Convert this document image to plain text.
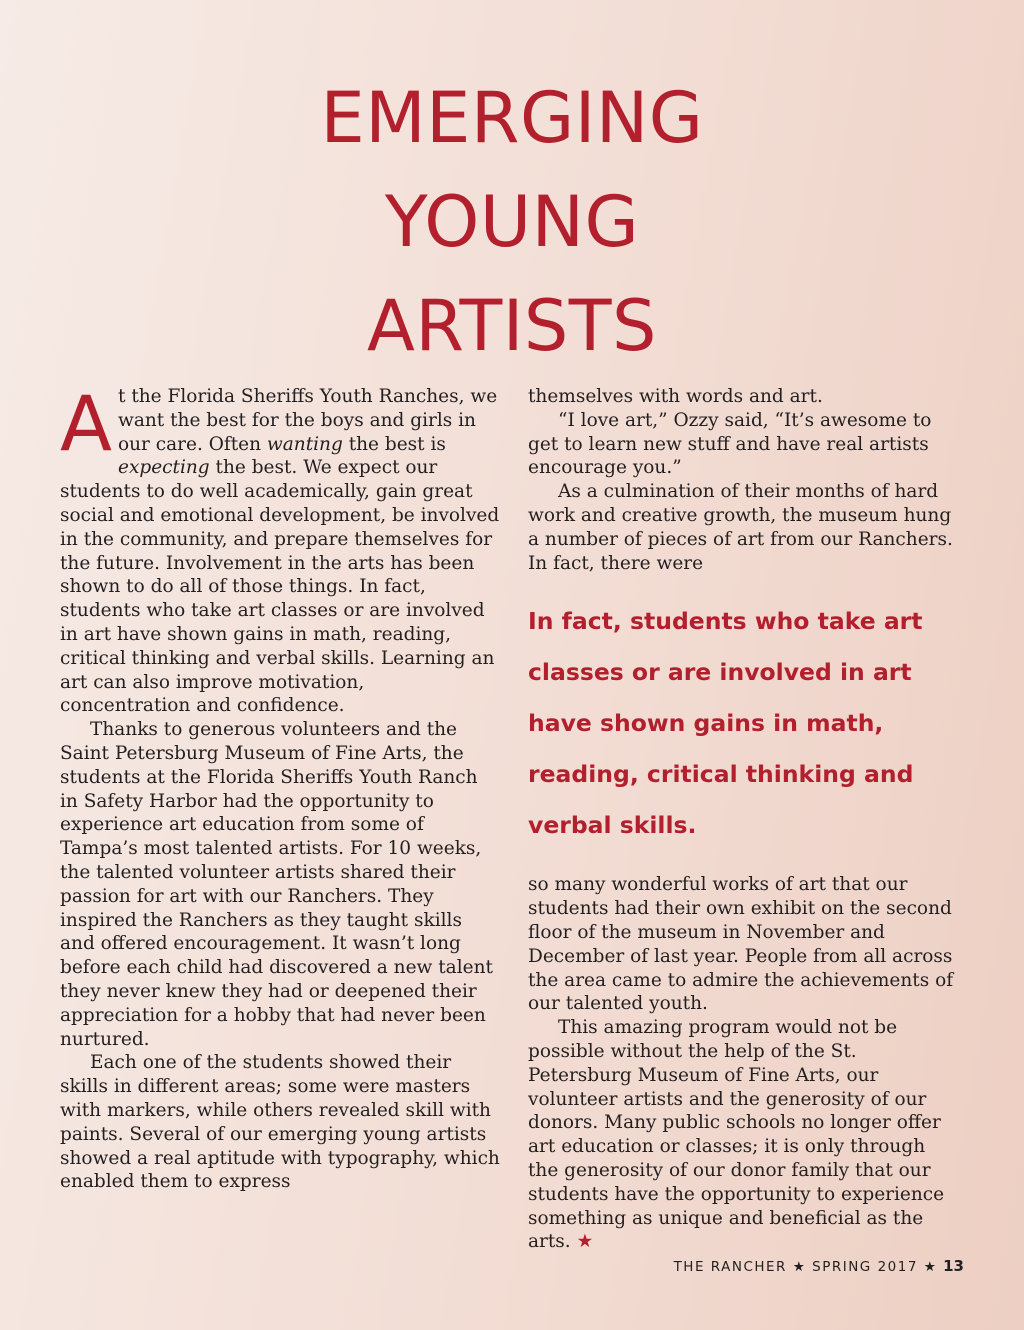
EMERGING
YOUNG
ARTISTS

At the Florida Sheriffs Youth Ranches, we want the best for the boys and girls in our care. Often wanting the best is expecting the best. We expect our students to do well academically, gain great social and emotional development, be involved in the community, and prepare themselves for the future. Involvement in the arts has been shown to do all of those things. In fact, students who take art classes or are involved in art have shown gains in math, reading, critical thinking and verbal skills. Learning an art can also improve motivation, concentration and confidence.

Thanks to generous volunteers and the Saint Petersburg Museum of Fine Arts, the students at the Florida Sheriffs Youth Ranch in Safety Harbor had the opportunity to experience art education from some of Tampa’s most talented artists. For 10 weeks, the talented volunteer artists shared their passion for art with our Ranchers. They inspired the Ranchers as they taught skills and offered encouragement. It wasn’t long before each child had discovered a new talent they never knew they had or deepened their appreciation for a hobby that had never been nurtured.

Each one of the students showed their skills in different areas; some were masters with markers, while others revealed skill with paints. Several of our emerging young artists showed a real aptitude with typography, which enabled them to express

themselves with words and art.

“I love art,” Ozzy said, “It’s awesome to get to learn new stuff and have real artists encourage you.”

As a culmination of their months of hard work and creative growth, the museum hung a number of pieces of art from our Ranchers. In fact, there were

In fact, students who take art classes or are involved in art have shown gains in math, reading, critical thinking and verbal skills.

so many wonderful works of art that our students had their own exhibit on the second floor of the museum in November and December of last year. People from all across the area came to admire the achievements of our talented youth.

This amazing program would not be possible without the help of the St. Petersburg Museum of Fine Arts, our volunteer artists and the generosity of our donors. Many public schools no longer offer art education or classes; it is only through the generosity of our donor family that our students have the opportunity to experience something as unique and beneficial as the arts. ★

THE RANCHER ★ SPRING 2017 ★ 13
